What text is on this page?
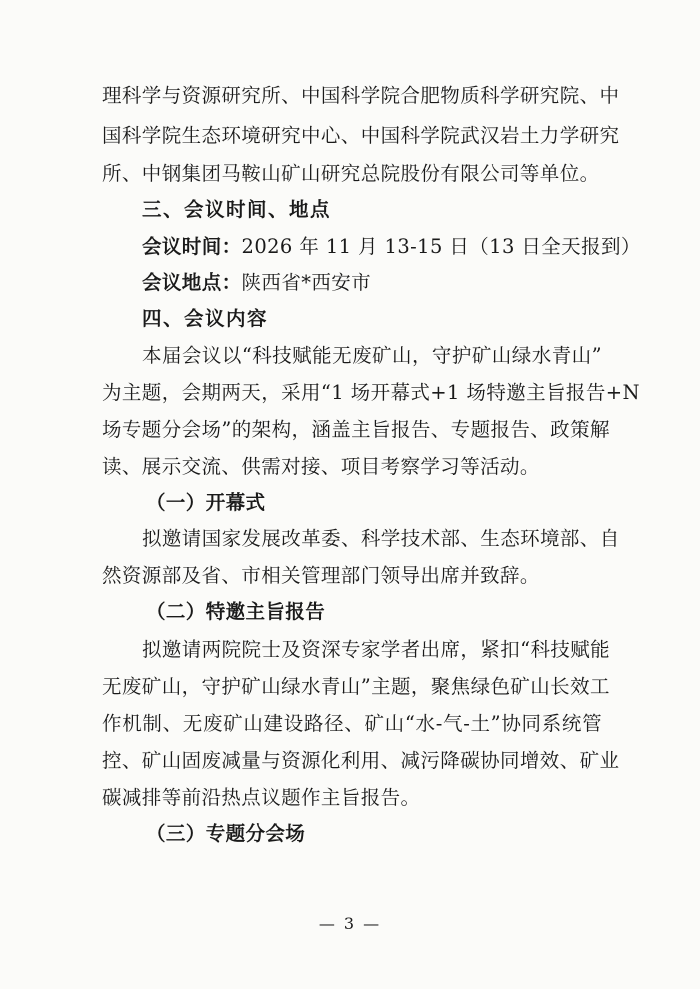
理科学与资源研究所、中国科学院合肥物质科学研究院、中
国科学院生态环境研究中心、中国科学院武汉岩土力学研究
所、中钢集团马鞍山矿山研究总院股份有限公司等单位。
三、会议时间、地点
会议时间：2026 年 11 月 13-15 日（13 日全天报到）
会议地点：陕西省*西安市
四、会议内容
本届会议以“科技赋能无废矿山，守护矿山绿水青山”
为主题，会期两天，采用“1 场开幕式+1 场特邀主旨报告+N
场专题分会场”的架构，涵盖主旨报告、专题报告、政策解
读、展示交流、供需对接、项目考察学习等活动。
（一）开幕式
拟邀请国家发展改革委、科学技术部、生态环境部、自
然资源部及省、市相关管理部门领导出席并致辞。
（二）特邀主旨报告
拟邀请两院院士及资深专家学者出席，紧扣“科技赋能
无废矿山，守护矿山绿水青山”主题，聚焦绿色矿山长效工
作机制、无废矿山建设路径、矿山“水-气-土”协同系统管
控、矿山固废减量与资源化利用、减污降碳协同增效、矿业
碳减排等前沿热点议题作主旨报告。
（三）专题分会场
— 3 —
